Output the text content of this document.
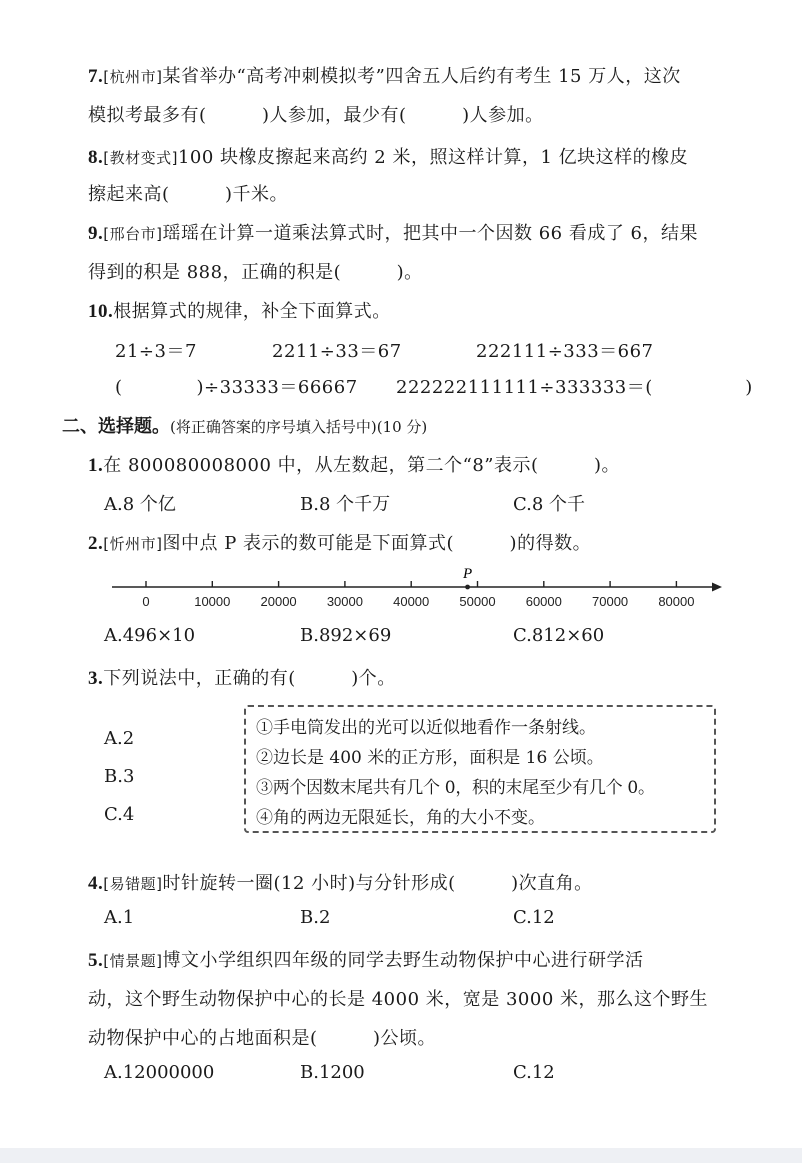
7.[杭州市]某省举办“高考冲刺模拟考”四舍五人后约有考生 15 万人，这次
模拟考最多有(　　　)人参加，最少有(　　　)人参加。
8.[教材变式]100 块橡皮擦起来高约 2 米，照这样计算，1 亿块这样的橡皮
擦起来高(　　　)千米。
9.[邢台市]瑶瑶在计算一道乘法算式时，把其中一个因数 66 看成了 6，结果
得到的积是 888，正确的积是(　　　)。
10.根据算式的规律，补全下面算式。
21÷3＝7	2211÷33＝67	222111÷333＝667
(　　　　)÷33333＝66667 222222111111÷333333＝(　　　　　)
二、选择题。(将正确答案的序号填入括号中)(10 分)
1.在 800080008000 中，从左数起，第二个“8”表示(　　　)。
A.8 个亿	B.8 个千万	C.8 个千
2.[忻州市]图中点 P 表示的数可能是下面算式(　　　)的得数。
0	10000 20000 30000 40000 50000 60000 70000 80000
P
A.496×10	B.892×69	C.812×60
3.下列说法中，正确的有(　　　)个。
A.2
B.3
C.4
①手电筒发出的光可以近似地看作一条射线。
②边长是 400 米的正方形，面积是 16 公顷。
③两个因数末尾共有几个 0，积的末尾至少有几个 0。
④角的两边无限延长，角的大小不变。
4.[易错题]时针旋转一圈(12 小时)与分针形成(　　　)次直角。
A.1	B.2	C.12
5.[情景题]博文小学组织四年级的同学去野生动物保护中心进行研学活
动，这个野生动物保护中心的长是 4000 米，宽是 3000 米，那么这个野生
动物保护中心的占地面积是(　　　)公顷。
A.12000000	B.1200	C.12
